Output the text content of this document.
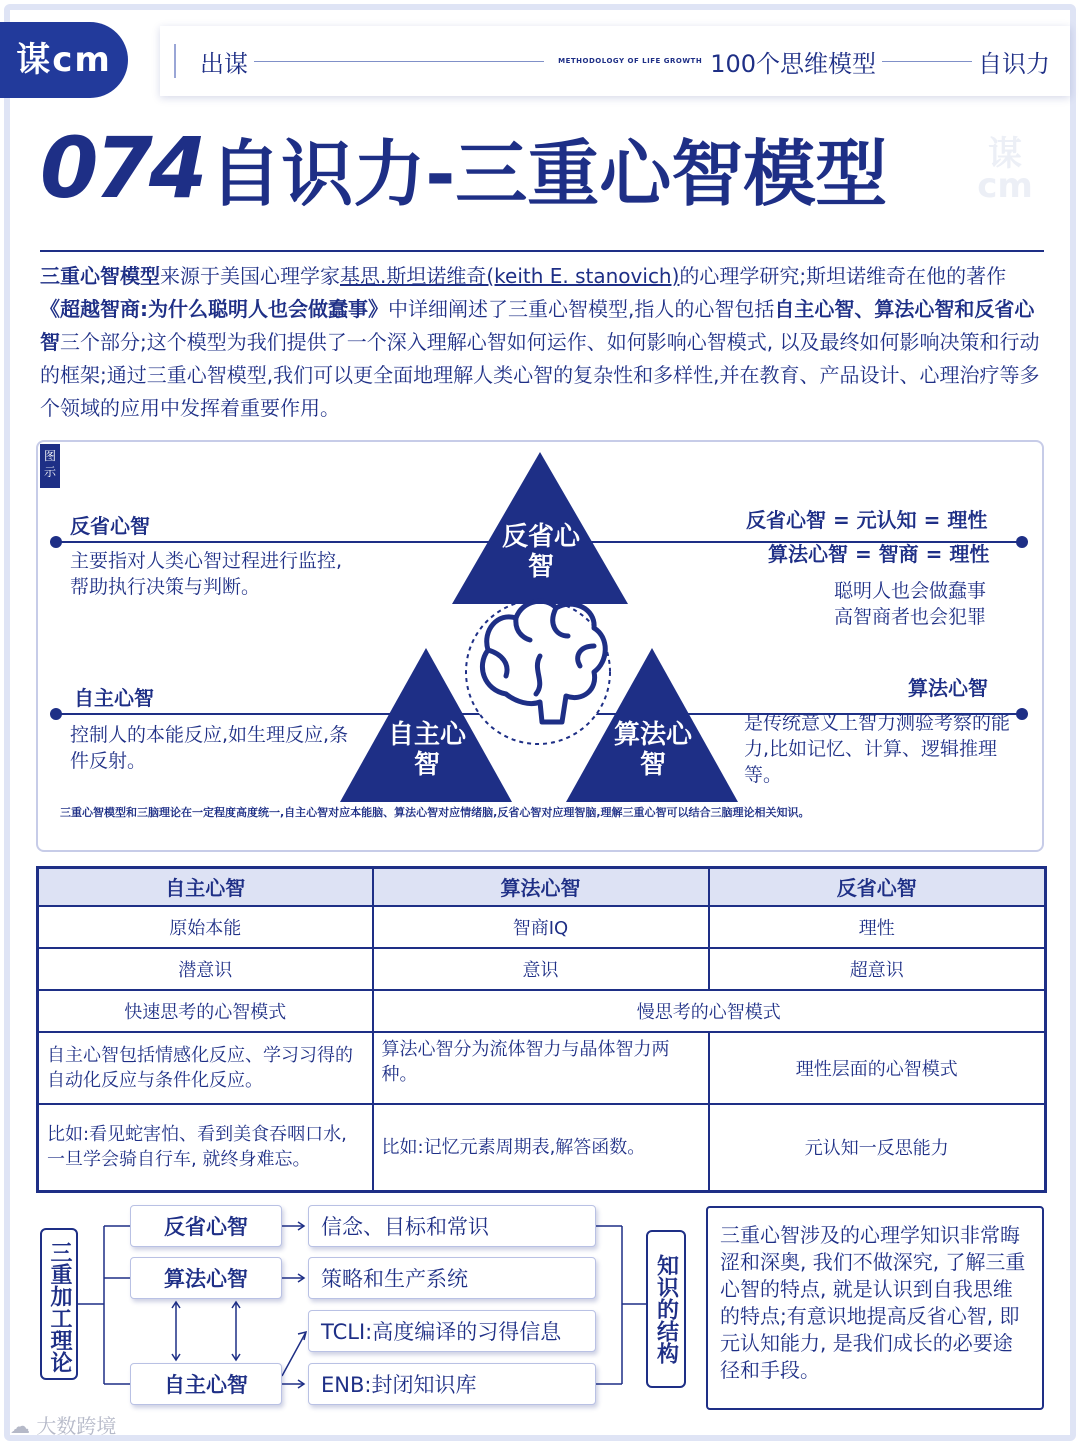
谋cm	出谋	METHODOLOGY OF LIFE GROWTH 100个思维模型	自识力
074 自识力-三重心智模型	谋cm
三重心智模型来源于美国心理学家基思.斯坦诺维奇(keith E. stanovich)的心理学研究;斯坦诺维奇在他的著作《超越智商:为什么聪明人也会做蠢事》中详细阐述了三重心智模型,指人的心智包括自主心智、算法心智和反省心智三个部分;这个模型为我们提供了一个深入理解心智如何运作、如何影响心智模式, 以及最终如何影响决策和行动的框架;通过三重心智模型,我们可以更全面地理解人类心智的复杂性和多样性,并在教育、产品设计、心理治疗等多个领域的应用中发挥着重要作用。
图示
反省心智
主要指对人类心智过程进行监控,帮助执行决策与判断。
自主心智
控制人的本能反应,如生理反应,条件反射。
算法心智
是传统意义上智力测验考察的能力,比如记忆、计算、逻辑推理等。
反省心智 = 元认知 = 理性
算法心智 = 智商 = 理性
聪明人也会做蠢事
高智商者也会犯罪
反省心智
自主心智
算法心智
三重心智模型和三脑理论在一定程度高度统一,自主心智对应本能脑、算法心智对应情绪脑,反省心智对应理智脑,理解三重心智可以结合三脑理论相关知识。
自主心智	算法心智	反省心智
原始本能	智商IQ	理性
潜意识	意识	超意识
快速思考的心智模式	慢思考的心智模式	
自主心智包括情感化反应、学习习得的自动化反应与条件化反应。	算法心智分为流体智力与晶体智力两种。	理性层面的心智模式
比如:看见蛇害怕、看到美食吞咽口水, 一旦学会骑自行车, 就终身难忘。	比如:记忆元素周期表,解答函数。	元认知一反思能力
三重加工理论	知识的结构
反省心智
算法心智
自主心智
信念、目标和常识
策略和生产系统
TCLI:高度编译的习得信息
ENB:封闭知识库
三重心智涉及的心理学知识非常晦涩和深奥, 我们不做深究, 了解三重心智的特点, 就是认识到自我思维的特点;有意识地提高反省心智, 即元认知能力, 是我们成长的必要途径和手段。
☁ 大数跨境
